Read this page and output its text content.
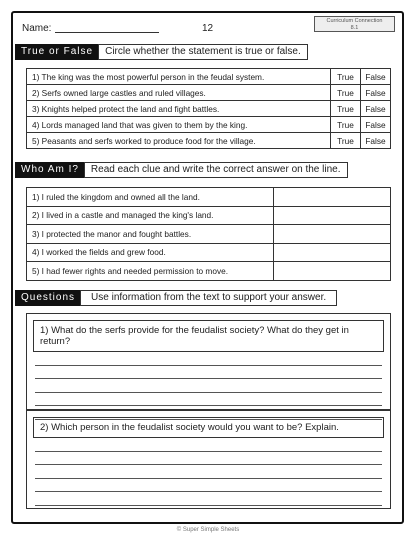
Name:	12
Curriculum Connection
8.1
True or False	Circle whether the statement is true or false.
1) The king was the most powerful person in the feudal system.	True	False
2) Serfs owned large castles and ruled villages.	True	False
3) Knights helped protect the land and fight battles.	True	False
4) Lords managed land that was given to them by the king.	True	False
5) Peasants and serfs worked to produce food for the village.	True	False
Who Am I?	Read each clue and write the correct answer on the line.
1) I ruled the kingdom and owned all the land.	
2) I lived in a castle and managed the king's land.	
3) I protected the manor and fought battles.	
4) I worked the fields and grew food.	
5) I had fewer rights and needed permission to move.	
Questions	Use information from the text to support your answer.
1) What do the serfs provide for the feudalist society? What do they get in return?
2) Which person in the feudalist society would you want to be? Explain.
© Super Simple Sheets
